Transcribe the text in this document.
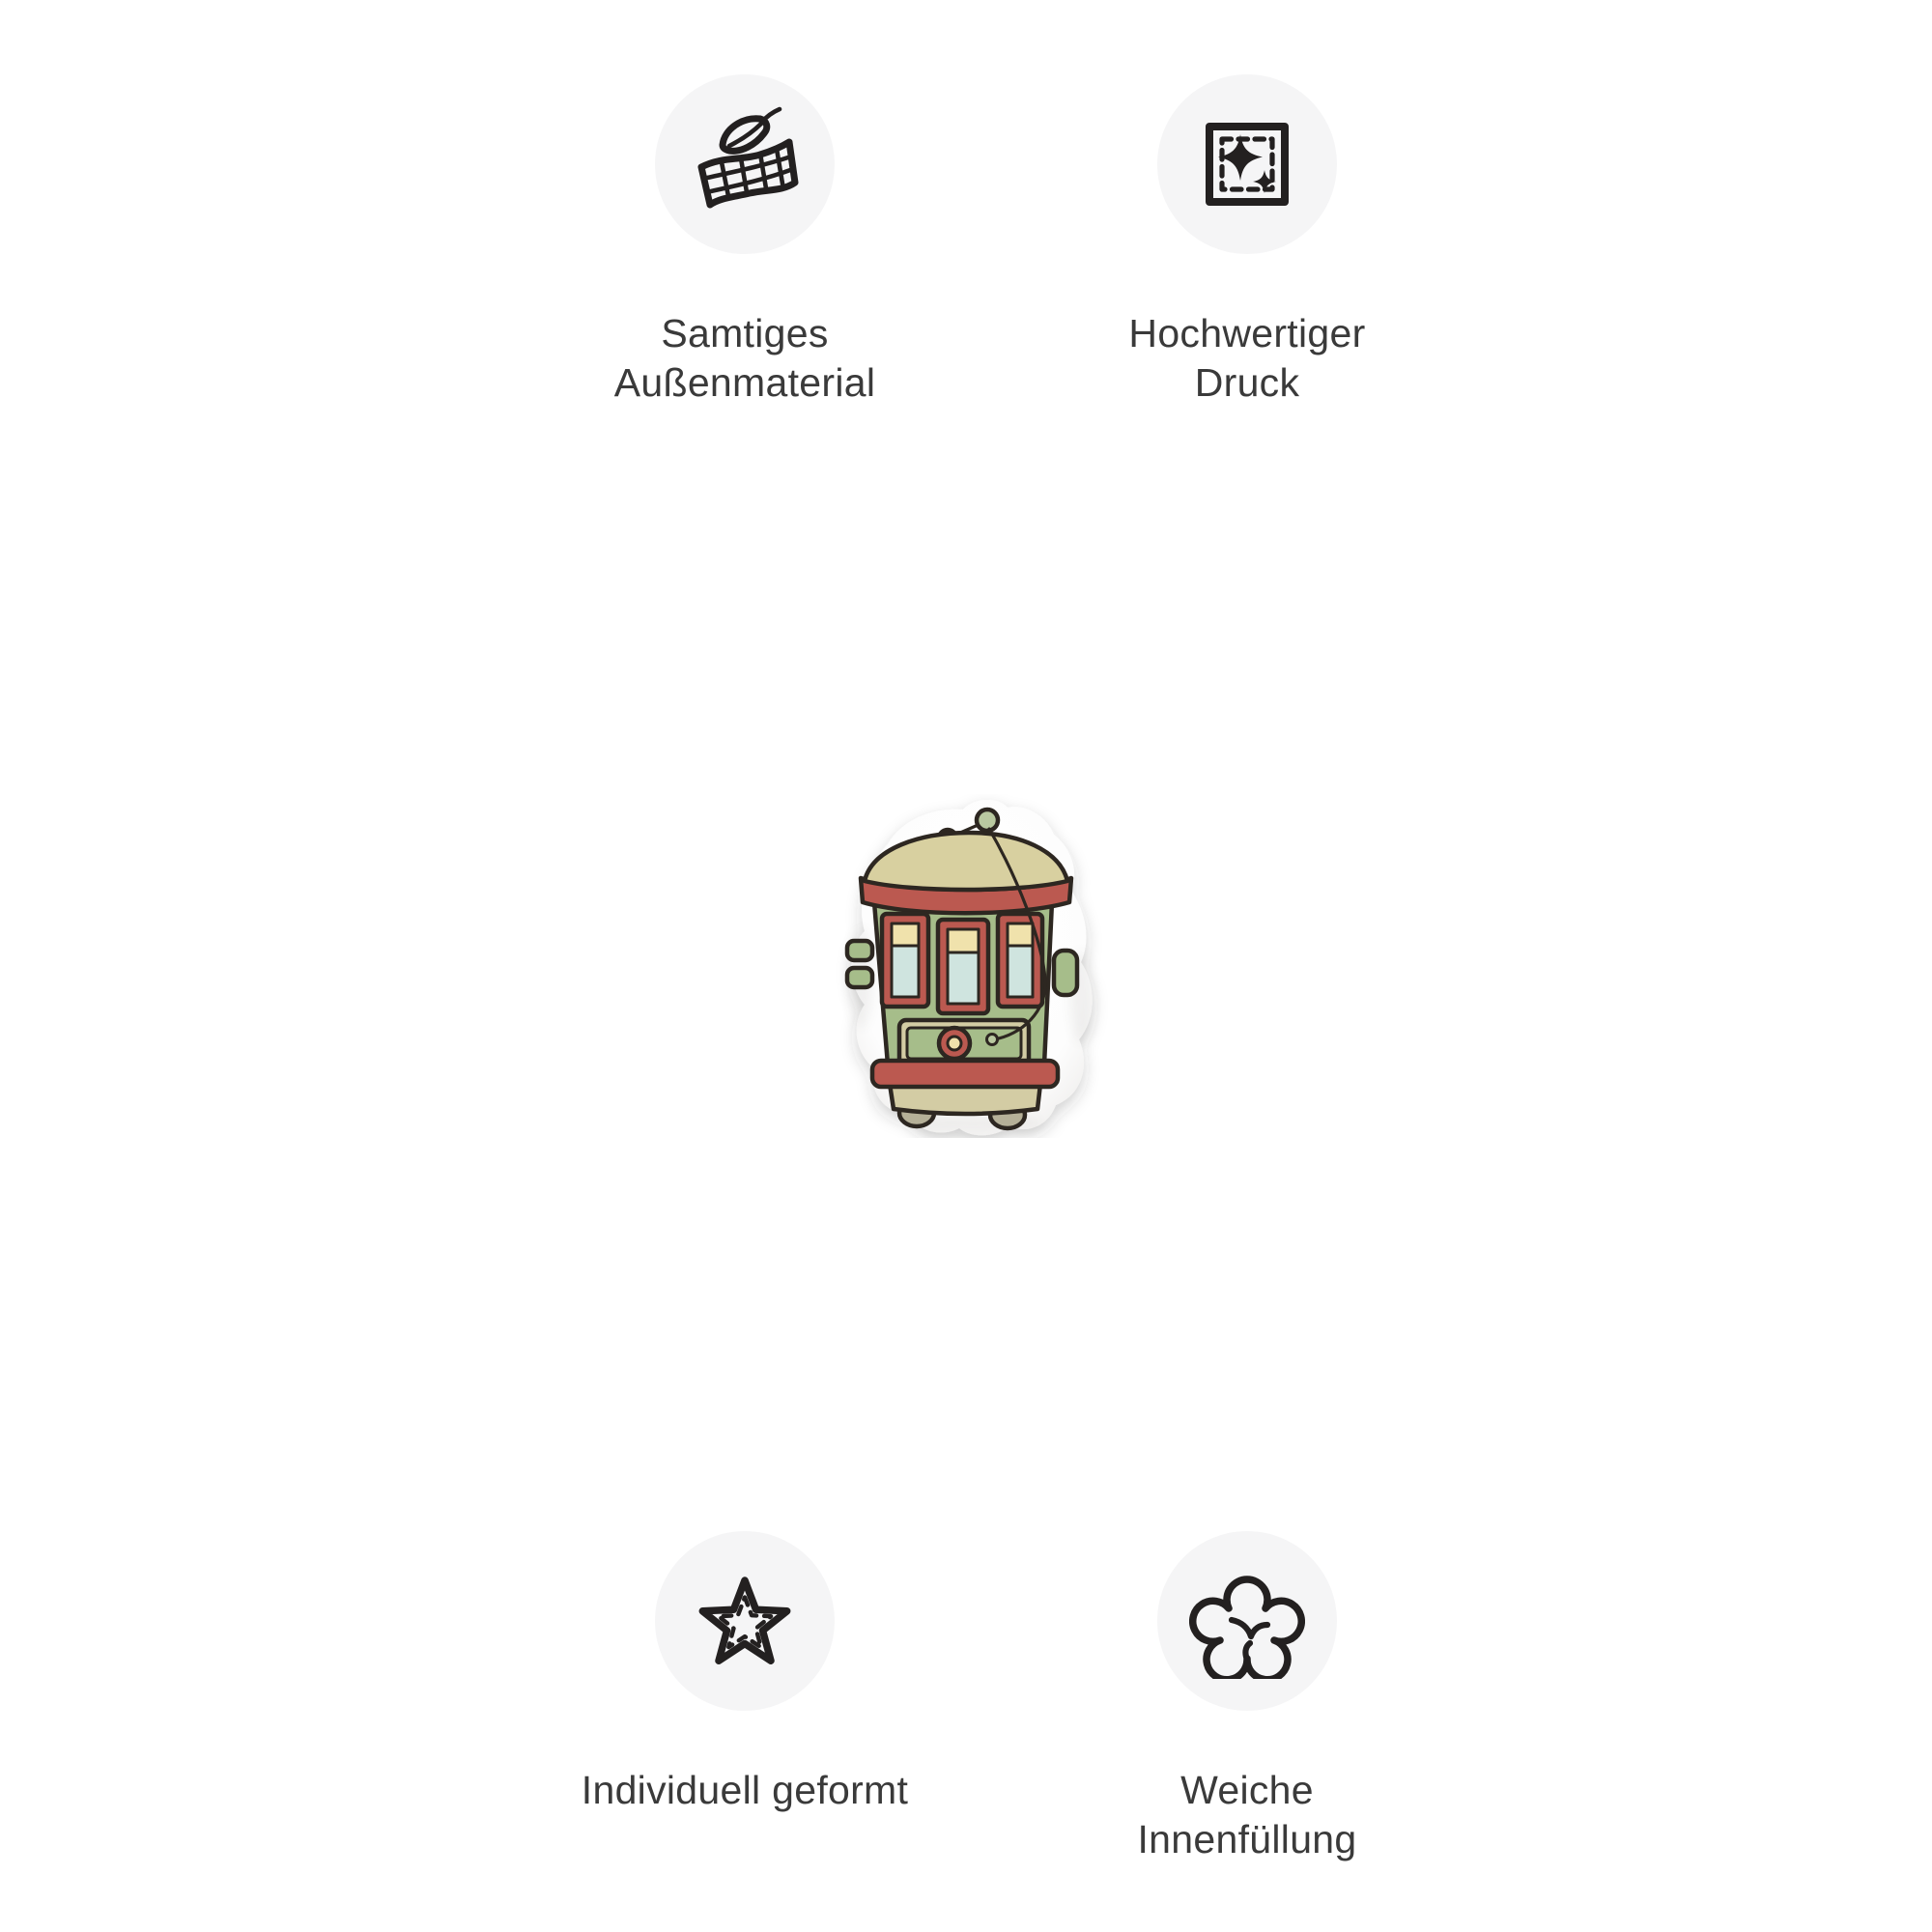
Samtiges
Außenmaterial
Hochwertiger
Druck
Individuell geformt	Weiche
Innenfüllung
